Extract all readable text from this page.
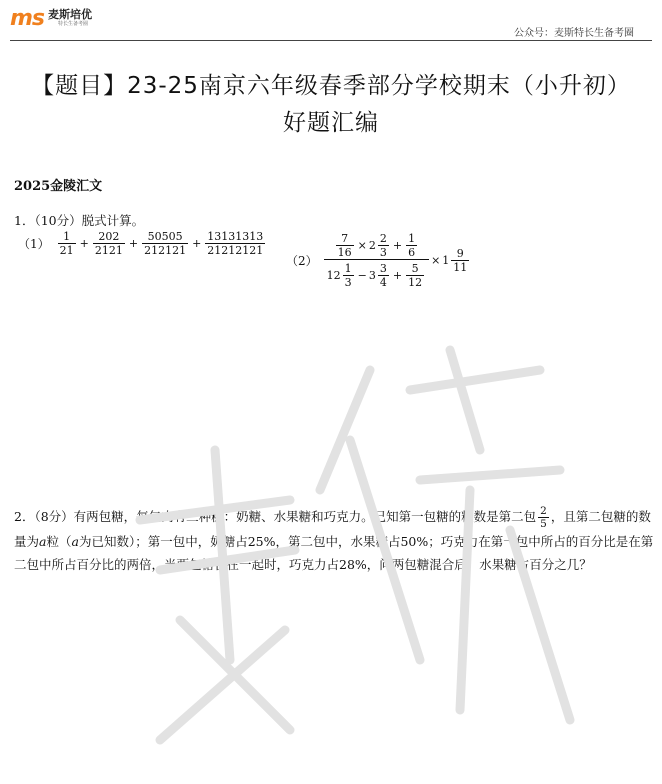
ms 麦斯培优
特长生备考圈
公众号：麦斯特长生备考圈
【题目】23-25南京六年级春季部分学校期末（小升初）
好题汇编
2025金陵汇文
1．（10分）脱式计算。
$(1) \frac{1}{21} + \frac{202}{2121} + \frac{50505}{212121} + \frac{13131313}{21212121}$
$(2) \frac{\frac{7}{16} \times 2 \frac{2}{3} + \frac{1}{6}}{12 \frac{1}{3} - 3 \frac{3}{4} + \frac{5}{12}} \times 1 \frac{9}{11}$
2．（8分）有两包糖，每包内有三种糖：奶糖、水果糖和巧克力。已知第一包糖的粒数是第二包 $\frac{2}{5}$ ，且第二包糖的数量为a粒（a为已知数）；第一包中，奶糖占25%，第二包中，水果糖占50%；巧克力在第一包中所占的百分比是在第二包中所占百分比的两倍，当两包糖合在一起时，巧克力占28%，问两包糖混合后，水果糖占百分之几？
